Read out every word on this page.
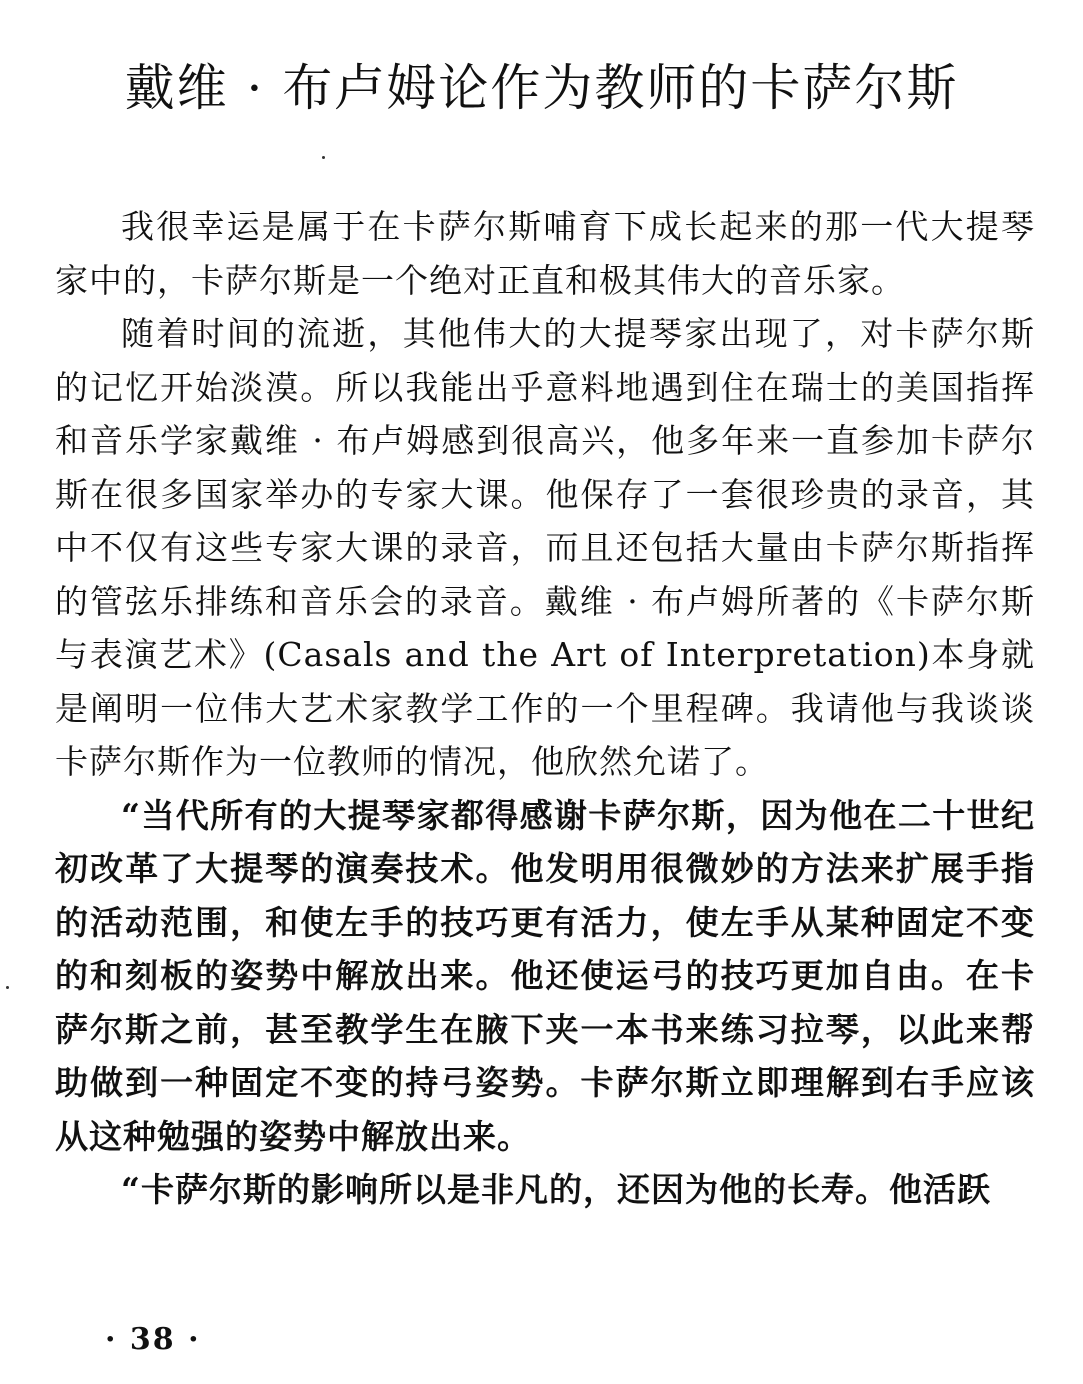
戴维 · 布卢姆论作为教师的卡萨尔斯

我很幸运是属于在卡萨尔斯哺育下成长起来的那一代大提琴家中的，卡萨尔斯是一个绝对正直和极其伟大的音乐家。

随着时间的流逝，其他伟大的大提琴家出现了，对卡萨尔斯的记忆开始淡漠。所以我能出乎意料地遇到住在瑞士的美国指挥和音乐学家戴维 · 布卢姆感到很高兴，他多年来一直参加卡萨尔斯在很多国家举办的专家大课。他保存了一套很珍贵的录音，其中不仅有这些专家大课的录音，而且还包括大量由卡萨尔斯指挥的管弦乐排练和音乐会的录音。戴维 · 布卢姆所著的《卡萨尔斯与表演艺术》(Casals and the Art of Interpretation)本身就是阐明一位伟大艺术家教学工作的一个里程碑。我请他与我谈谈卡萨尔斯作为一位教师的情况，他欣然允诺了。

“当代所有的大提琴家都得感谢卡萨尔斯，因为他在二十世纪初改革了大提琴的演奏技术。他发明用很微妙的方法来扩展手指的活动范围，和使左手的技巧更有活力，使左手从某种固定不变的和刻板的姿势中解放出来。他还使运弓的技巧更加自由。在卡萨尔斯之前，甚至教学生在腋下夹一本书来练习拉琴，以此来帮助做到一种固定不变的持弓姿势。卡萨尔斯立即理解到右手应该从这种勉强的姿势中解放出来。

“卡萨尔斯的影响所以是非凡的，还因为他的长寿。他活跃

· 38 ·
